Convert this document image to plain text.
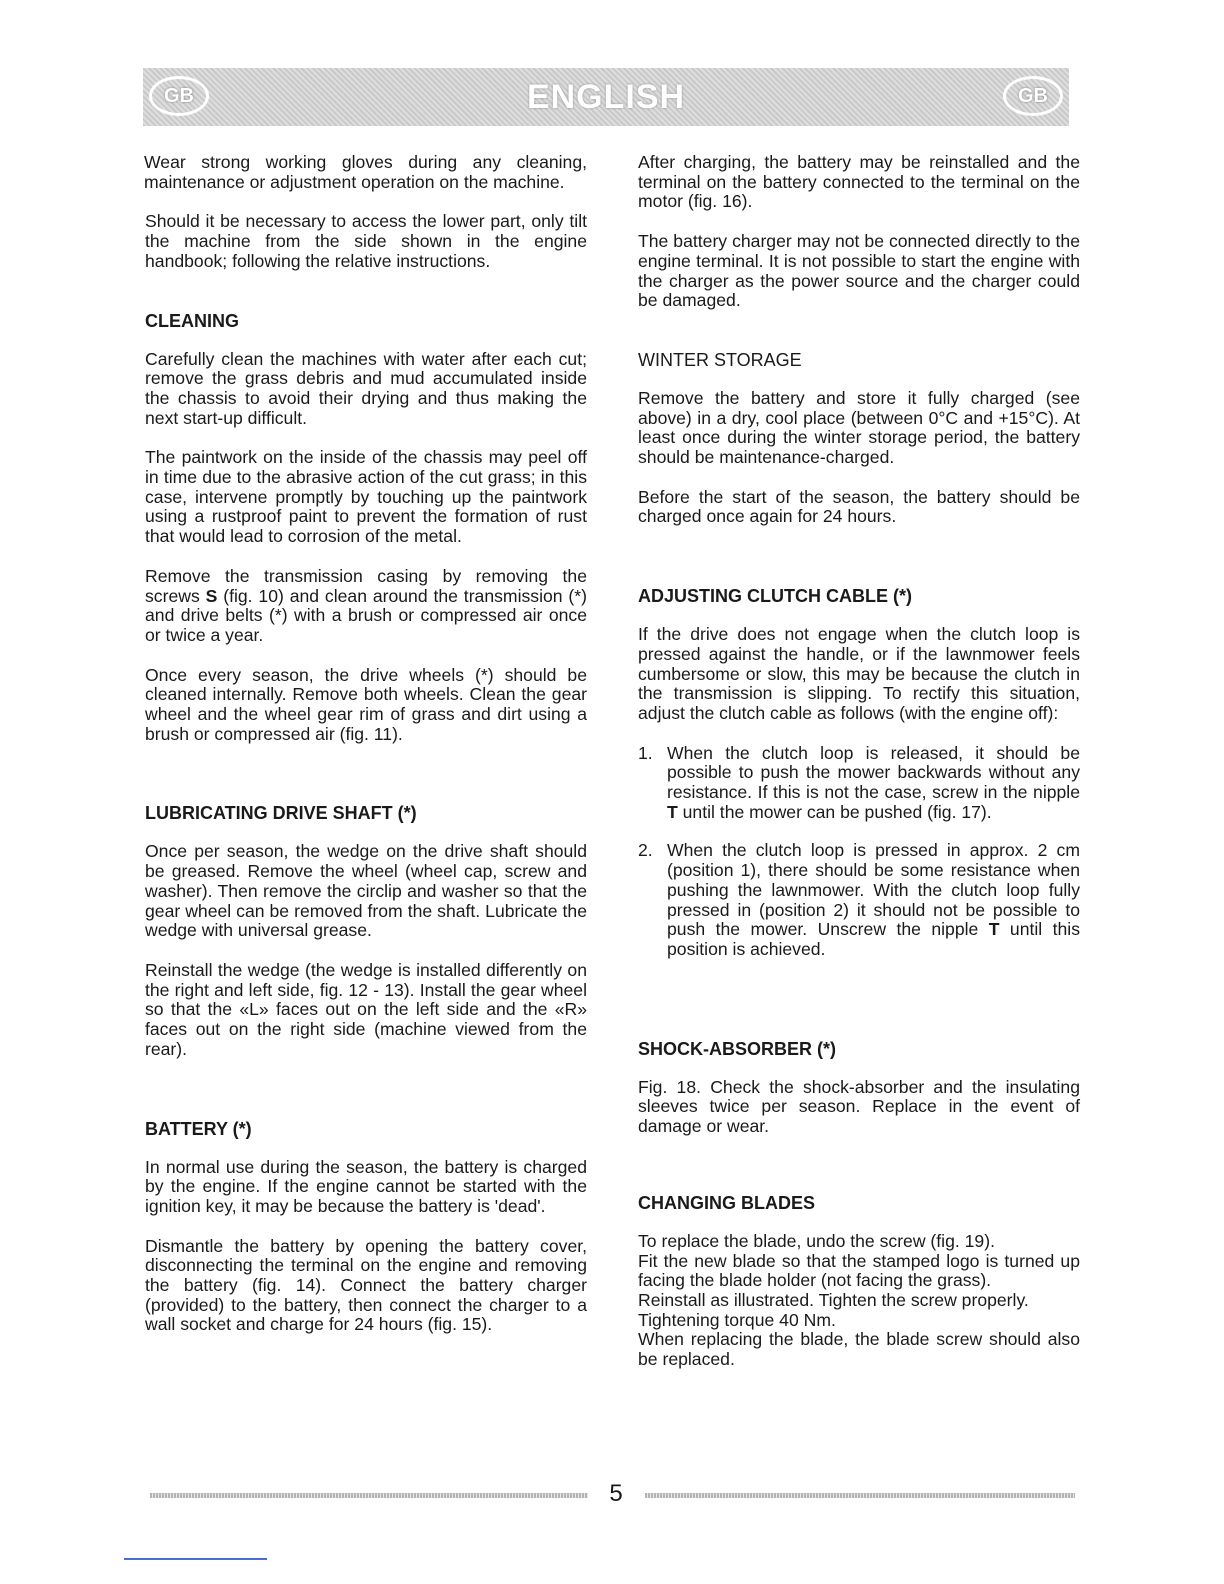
GB	ENGLISH	GB

Wear strong working gloves during any cleaning, maintenance or adjustment operation on the machine.

Should it be necessary to access the lower part, only tilt the machine from the side shown in the engine handbook; following the relative instructions.

CLEANING

Carefully clean the machines with water after each cut; remove the grass debris and mud accumulated inside the chassis to avoid their drying and thus making the next start-up difficult.

The paintwork on the inside of the chassis may peel off in time due to the abrasive action of the cut grass; in this case, intervene promptly by touching up the paintwork using a rustproof paint to prevent the formation of rust that would lead to corrosion of the metal.

Remove the transmission casing by removing the screws S (fig. 10) and clean around the transmission (*) and drive belts (*) with a brush or compressed air once or twice a year.

Once every season, the drive wheels (*) should be cleaned internally. Remove both wheels. Clean the gear wheel and the wheel gear rim of grass and dirt using a brush or compressed air (fig. 11).

LUBRICATING DRIVE SHAFT (*)

Once per season, the wedge on the drive shaft should be greased. Remove the wheel (wheel cap, screw and washer). Then remove the circlip and washer so that the gear wheel can be removed from the shaft. Lubricate the wedge with universal grease.

Reinstall the wedge (the wedge is installed differently on the right and left side, fig. 12 - 13). Install the gear wheel so that the «L» faces out on the left side and the «R» faces out on the right side (machine viewed from the rear).

BATTERY (*)

In normal use during the season, the battery is charged by the engine. If the engine cannot be started with the ignition key, it may be because the battery is 'dead'.

Dismantle the battery by opening the battery cover, disconnecting the terminal on the engine and removing the battery (fig. 14). Connect the battery charger (provided) to the battery, then connect the charger to a wall socket and charge for 24 hours (fig. 15).

After charging, the battery may be reinstalled and the terminal on the battery connected to the terminal on the motor (fig. 16).

The battery charger may not be connected directly to the engine terminal. It is not possible to start the engine with the charger as the power source and the charger could be damaged.

WINTER STORAGE

Remove the battery and store it fully charged (see above) in a dry, cool place (between 0°C and +15°C). At least once during the winter storage period, the battery should be maintenance-charged.

Before the start of the season, the battery should be charged once again for 24 hours.

ADJUSTING CLUTCH CABLE (*)

If the drive does not engage when the clutch loop is pressed against the handle, or if the lawnmower feels cumbersome or slow, this may be because the clutch in the transmission is slipping. To rectify this situation, adjust the clutch cable as follows (with the engine off):

1. When the clutch loop is released, it should be possible to push the mower backwards without any resistance. If this is not the case, screw in the nipple T until the mower can be pushed (fig. 17).
2. When the clutch loop is pressed in approx. 2 cm (position 1), there should be some resistance when pushing the lawnmower. With the clutch loop fully pressed in (position 2) it should not be possible to push the mower. Unscrew the nipple T until this position is achieved.
SHOCK-ABSORBER (*)

Fig. 18. Check the shock-absorber and the insulating sleeves twice per season. Replace in the event of damage or wear.

CHANGING BLADES

To replace the blade, undo the screw (fig. 19).

Fit the new blade so that the stamped logo is turned up facing the blade holder (not facing the grass).

Reinstall as illustrated. Tighten the screw properly.

Tightening torque 40 Nm.

When replacing the blade, the blade screw should also be replaced.

5
